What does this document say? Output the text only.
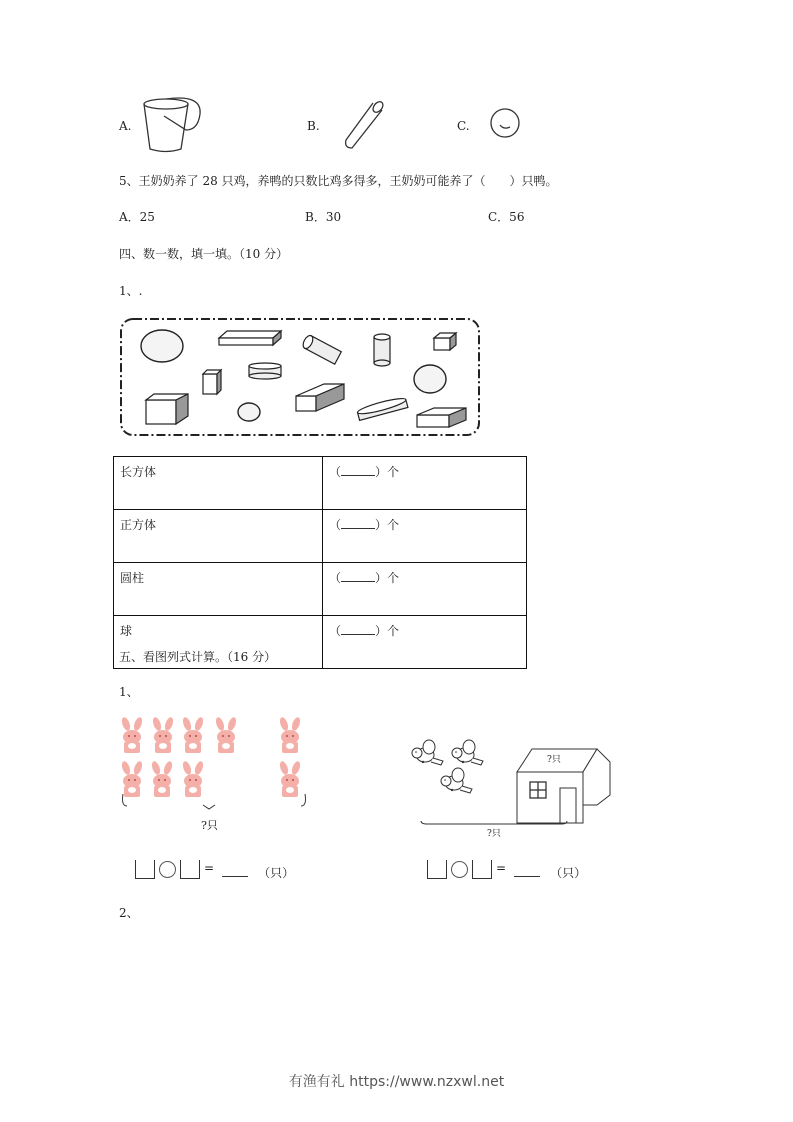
A.	B.	C.
5、王奶奶养了 28 只鸡，养鸭的只数比鸡多得多，王奶奶可能养了（　　）只鸭。
A．25	B．30	C．56
四、数一数，填一填。（10 分）
1、.
长方体	（ ）个
正方体	（ ）个
圆柱	（ ）个
球	（ ）个
五、看图列式计算。（16 分）
1、
?只
?只
?只
=	（只）	=	（只）
2、
有渔有礼 https://www.nzxwl.net
